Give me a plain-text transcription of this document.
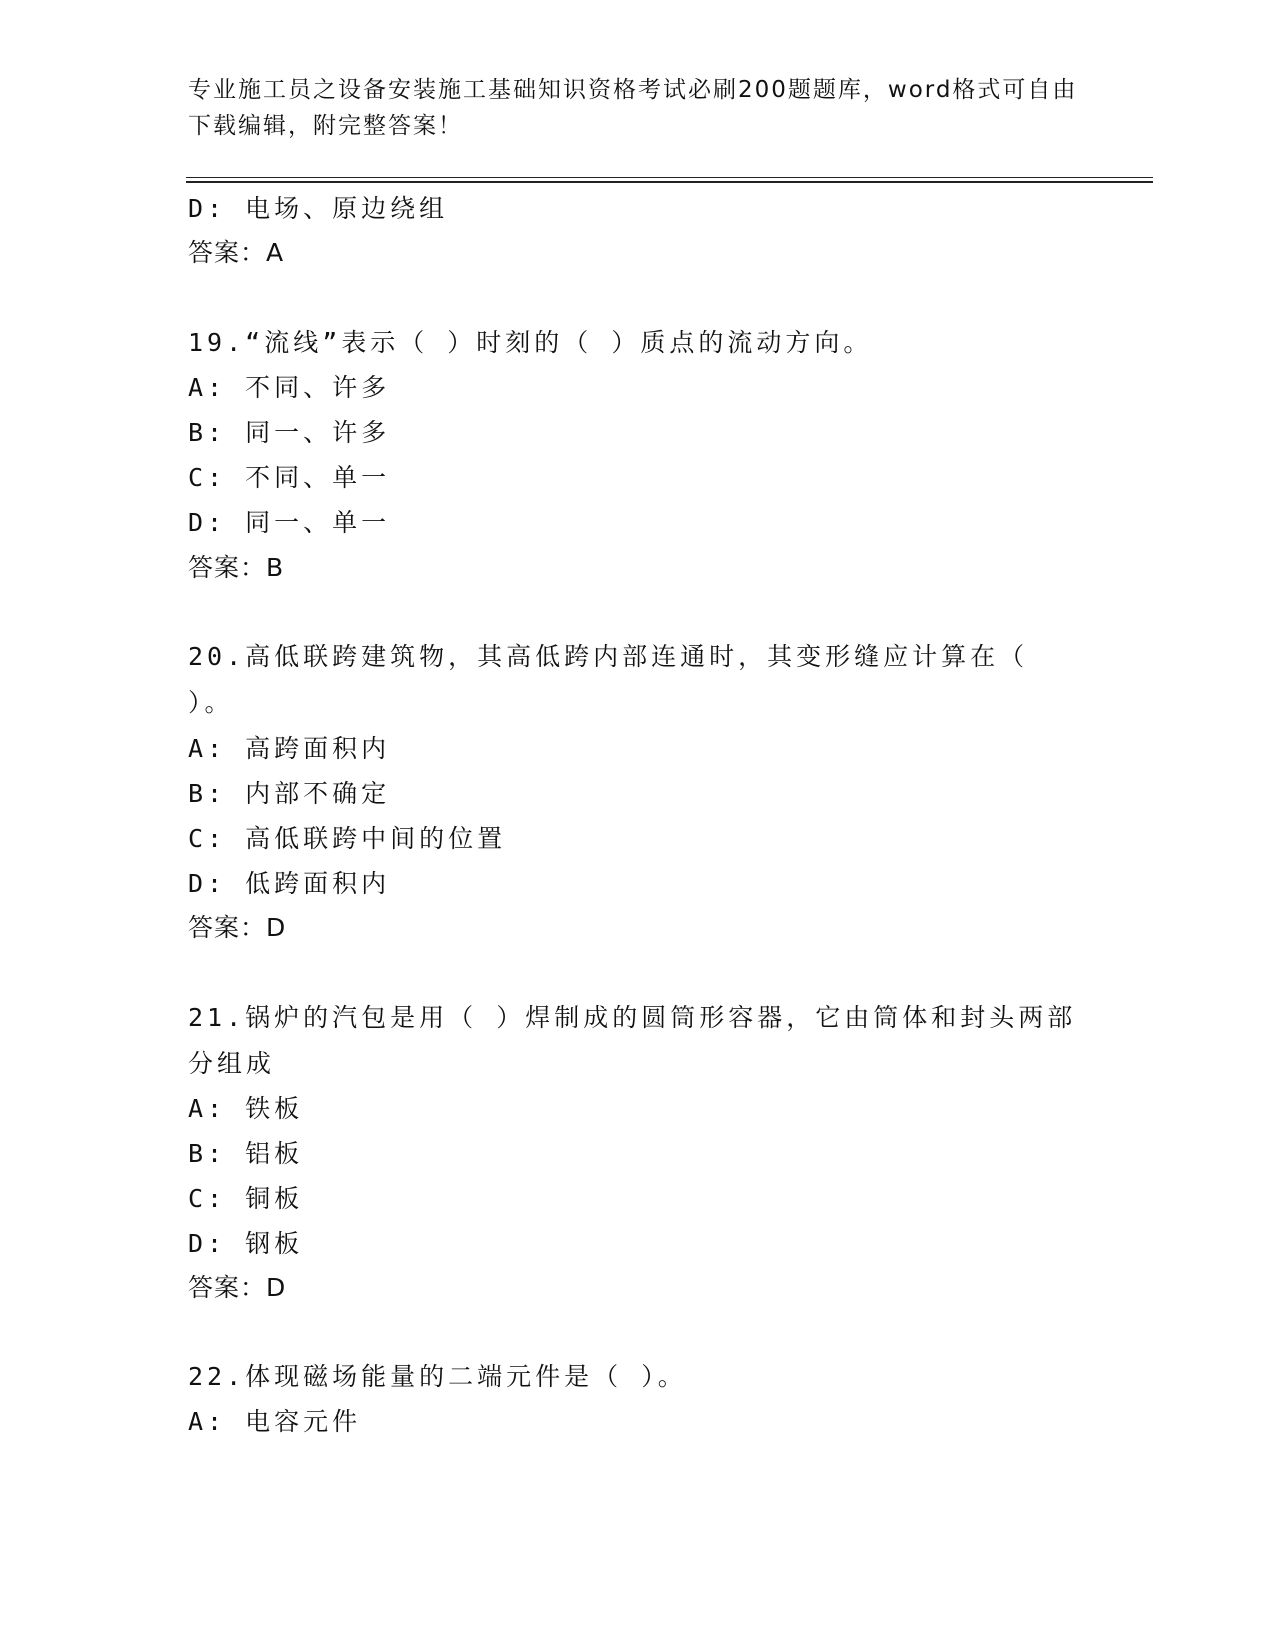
专业施工员之设备安装施工基础知识资格考试必刷200题题库，word格式可自由下载编辑，附完整答案！
D: 电场、原边绕组
答案：A
19.“流线”表示（ ）时刻的（ ）质点的流动方向。
A: 不同、许多
B: 同一、许多
C: 不同、单一
D: 同一、单一
答案：B
20.高低联跨建筑物，其高低跨内部连通时，其变形缝应计算在（ ）。
A: 高跨面积内
B: 内部不确定
C: 高低联跨中间的位置
D: 低跨面积内
答案：D
21.锅炉的汽包是用（ ）焊制成的圆筒形容器，它由筒体和封头两部分组成
A: 铁板
B: 铝板
C: 铜板
D: 钢板
答案：D
22.体现磁场能量的二端元件是（ ）。
A: 电容元件
